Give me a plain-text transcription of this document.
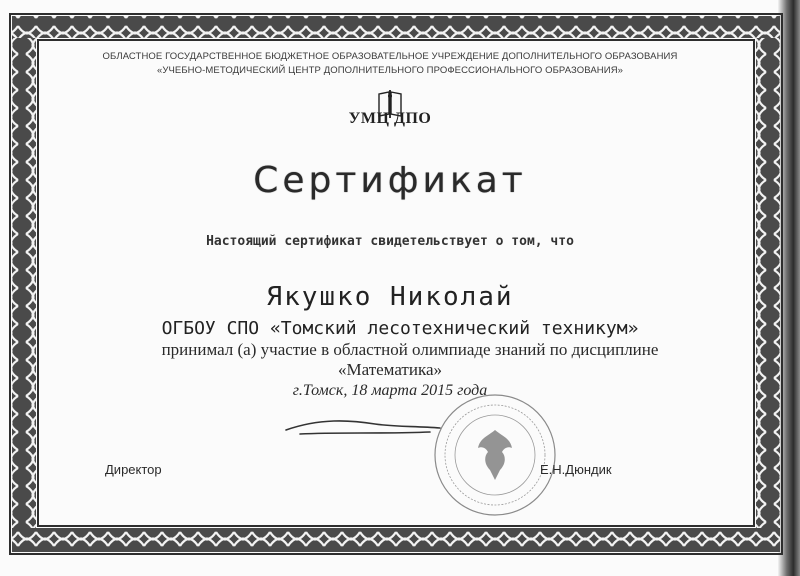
ОБЛАСТНОЕ ГОСУДАРСТВЕННОЕ БЮДЖЕТНОЕ ОБРАЗОВАТЕЛЬНОЕ УЧРЕЖДЕНИЕ ДОПОЛНИТЕЛЬНОГО ОБРАЗОВАНИЯ
«УЧЕБНО-МЕТОДИЧЕСКИЙ ЦЕНТР ДОПОЛНИТЕЛЬНОГО ПРОФЕССИОНАЛЬНОГО ОБРАЗОВАНИЯ»
УМЦ ДПО
Сертификат
Настоящий сертификат свидетельствует о том, что
Якушко Николай
ОГБОУ СПО «Томский лесотехнический техникум»
принимал (а) участие в областной олимпиаде знаний по дисциплине
«Математика»
г.Томск, 18 марта 2015 года
Директор	Е.Н.Дюндик
